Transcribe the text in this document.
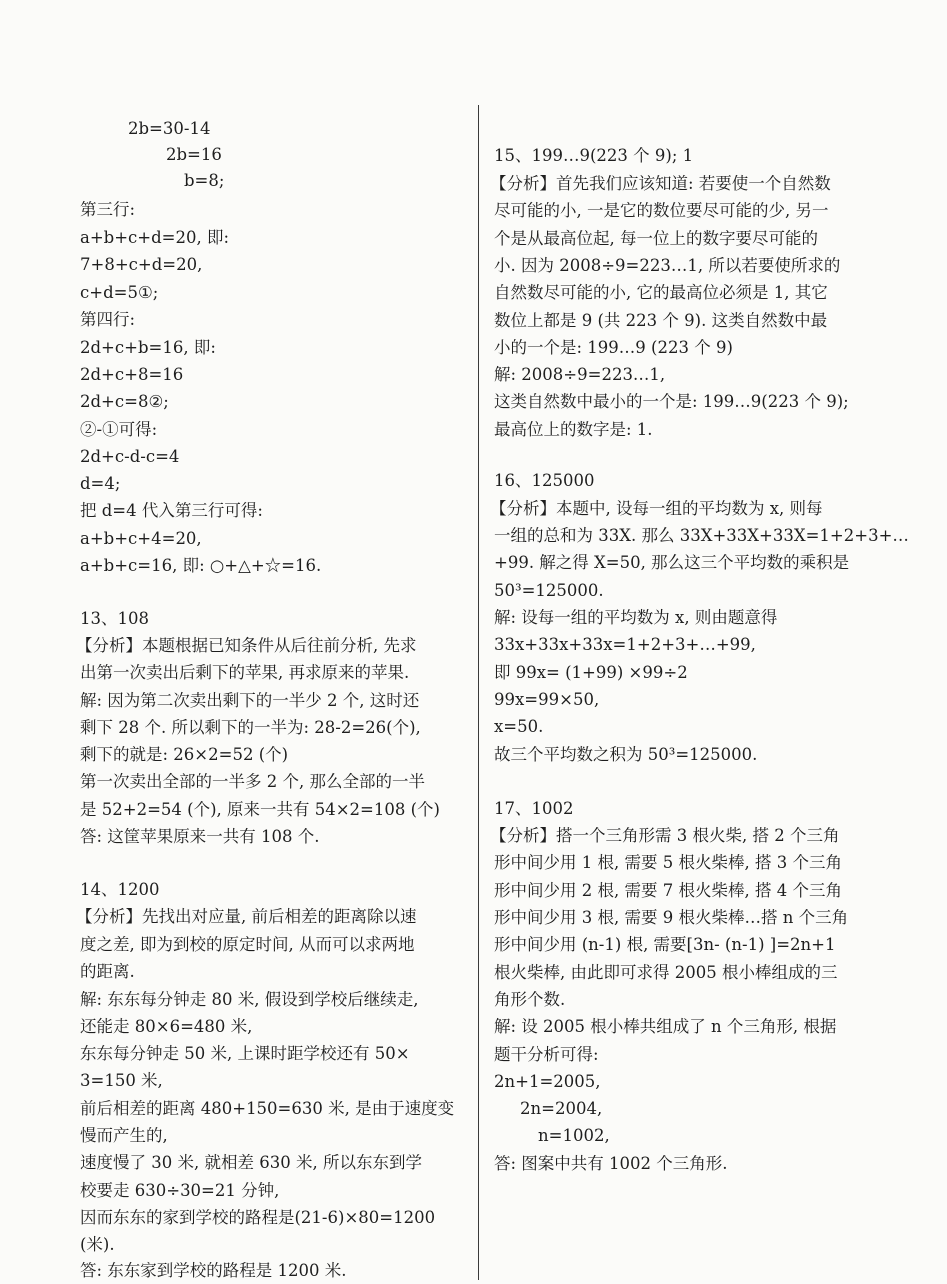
2b=30-14
2b=16
b=8;
第三行:
a+b+c+d=20, 即:
7+8+c+d=20,
c+d=5①;
第四行:
2d+c+b=16, 即:
2d+c+8=16
2d+c=8②;
②-①可得:
2d+c-d-c=4
d=4;
把 d=4 代入第三行可得:
a+b+c+4=20,
a+b+c=16, 即: ○+△+☆=16.
13、108
【分析】本题根据已知条件从后往前分析, 先求
出第一次卖出后剩下的苹果, 再求原来的苹果.
解: 因为第二次卖出剩下的一半少 2 个, 这时还
剩下 28 个. 所以剩下的一半为: 28-2=26(个),
剩下的就是: 26×2=52 (个)
第一次卖出全部的一半多 2 个, 那么全部的一半
是 52+2=54 (个), 原来一共有 54×2=108 (个)
答: 这筐苹果原来一共有 108 个.
14、1200
【分析】先找出对应量, 前后相差的距离除以速
度之差, 即为到校的原定时间, 从而可以求两地
的距离.
解: 东东每分钟走 80 米, 假设到学校后继续走,
还能走 80×6=480 米,
东东每分钟走 50 米, 上课时距学校还有 50×
3=150 米,
前后相差的距离 480+150=630 米, 是由于速度变
慢而产生的,
速度慢了 30 米, 就相差 630 米, 所以东东到学
校要走 630÷30=21 分钟,
因而东东的家到学校的路程是(21-6)×80=1200
(米).
答: 东东家到学校的路程是 1200 米.
15、199…9(223 个 9); 1
【分析】首先我们应该知道: 若要使一个自然数
尽可能的小, 一是它的数位要尽可能的少, 另一
个是从最高位起, 每一位上的数字要尽可能的
小. 因为 2008÷9=223…1, 所以若要使所求的
自然数尽可能的小, 它的最高位必须是 1, 其它
数位上都是 9 (共 223 个 9). 这类自然数中最
小的一个是: 199…9 (223 个 9)
解: 2008÷9=223…1,
这类自然数中最小的一个是: 199…9(223 个 9);
最高位上的数字是: 1.
16、125000
【分析】本题中, 设每一组的平均数为 x, 则每
一组的总和为 33X. 那么 33X+33X+33X=1+2+3+…
+99. 解之得 X=50, 那么这三个平均数的乘积是
50³=125000.
解: 设每一组的平均数为 x, 则由题意得
33x+33x+33x=1+2+3+…+99,
即 99x= (1+99) ×99÷2
99x=99×50,
x=50.
故三个平均数之积为 50³=125000.
17、1002
【分析】搭一个三角形需 3 根火柴, 搭 2 个三角
形中间少用 1 根, 需要 5 根火柴棒, 搭 3 个三角
形中间少用 2 根, 需要 7 根火柴棒, 搭 4 个三角
形中间少用 3 根, 需要 9 根火柴棒…搭 n 个三角
形中间少用 (n-1) 根, 需要[3n- (n-1) ]=2n+1
根火柴棒, 由此即可求得 2005 根小棒组成的三
角形个数.
解: 设 2005 根小棒共组成了 n 个三角形, 根据
题干分析可得:
2n+1=2005,
2n=2004,
n=1002,
答: 图案中共有 1002 个三角形.
